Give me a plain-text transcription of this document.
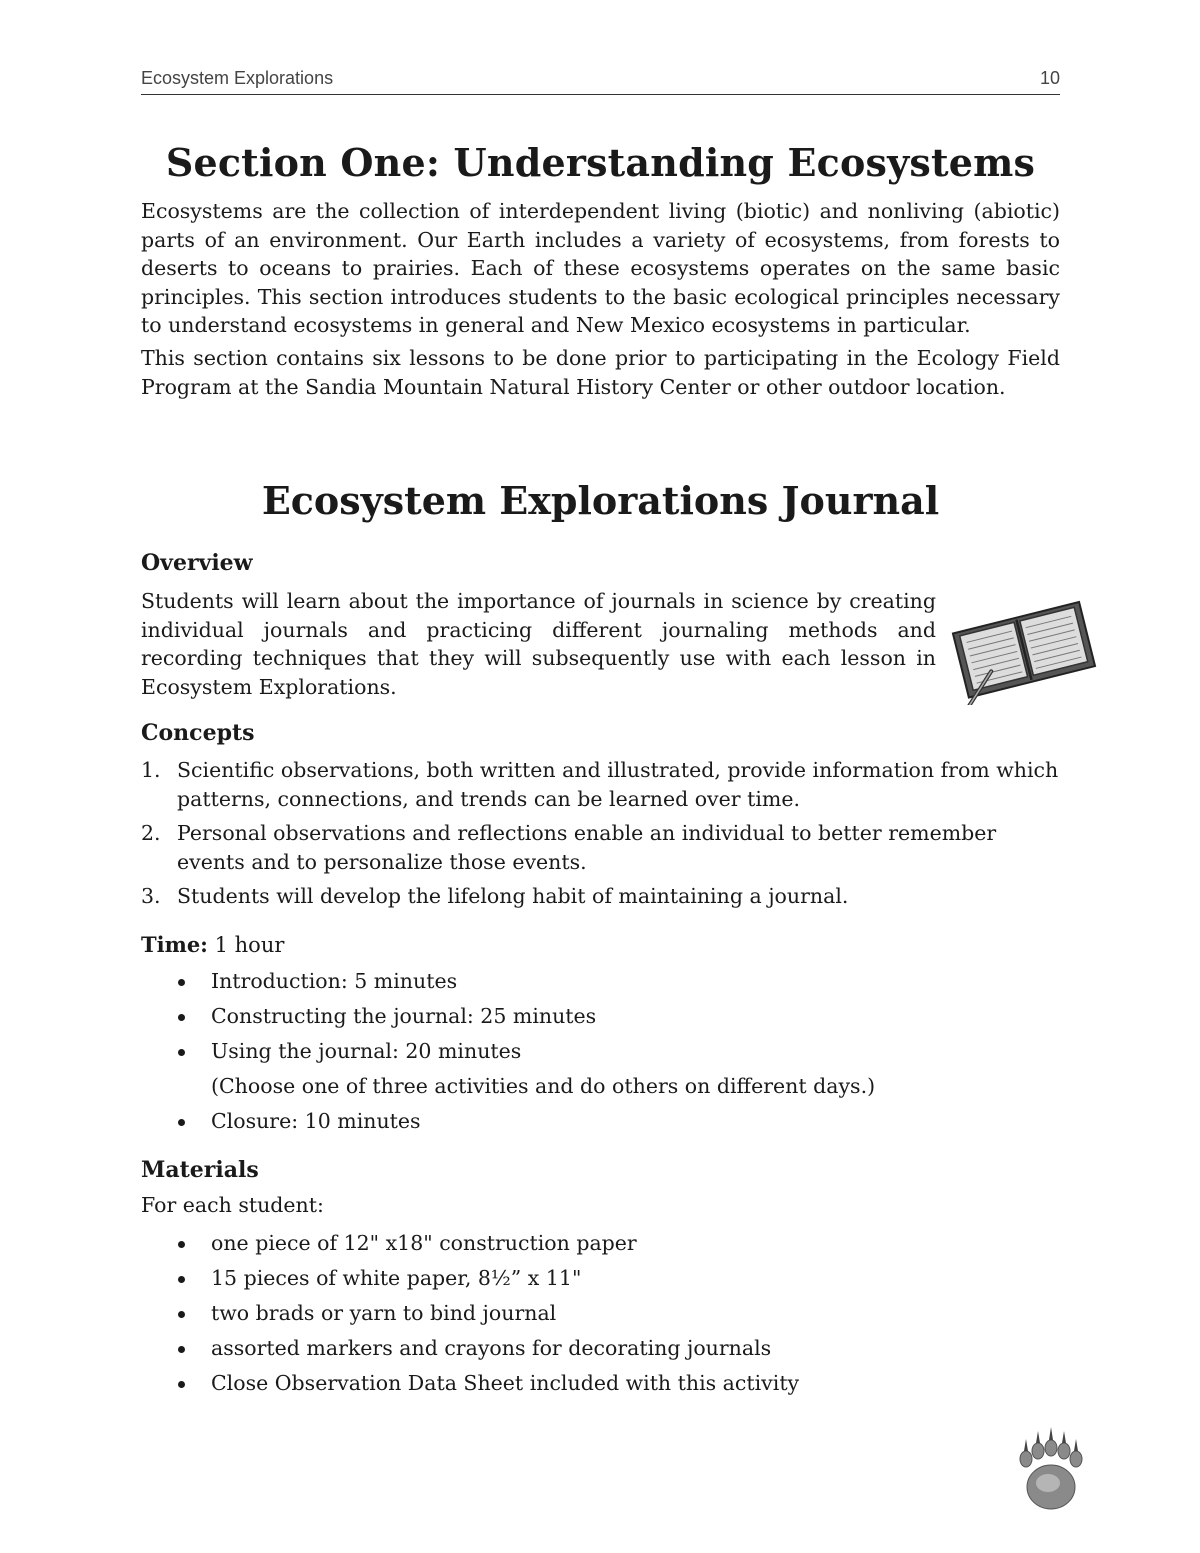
Ecosystem Explorations	10
Section One: Understanding Ecosystems

Ecosystems are the collection of interdependent living (biotic) and nonliving (abiotic) parts of an environment. Our Earth includes a variety of ecosystems, from forests to deserts to oceans to prairies. Each of these ecosystems operates on the same basic principles. This section introduces students to the basic ecological principles necessary to understand ecosystems in general and New Mexico ecosystems in particular.

This section contains six lessons to be done prior to participating in the Ecology Field Program at the Sandia Mountain Natural History Center or other outdoor location.

Ecosystem Explorations Journal
Overview

Students will learn about the importance of journals in science by creating individual journals and practicing different journaling methods and recording techniques that they will subsequently use with each lesson in Ecosystem Explorations.

Concepts
1. Scientific observations, both written and illustrated, provide information from which patterns, connections, and trends can be learned over time.
2. Personal observations and reflections enable an individual to better remember events and to personalize those events.
3. Students will develop the lifelong habit of maintaining a journal.

Time: 1 hour

Introduction: 5 minutes
Constructing the journal: 25 minutes
Using the journal: 20 minutes
(Choose one of three activities and do others on different days.)
Closure: 10 minutes
Materials

For each student:

one piece of 12" x18" construction paper
15 pieces of white paper, 8½” x 11"
two brads or yarn to bind journal
assorted markers and crayons for decorating journals
Close Observation Data Sheet included with this activity
